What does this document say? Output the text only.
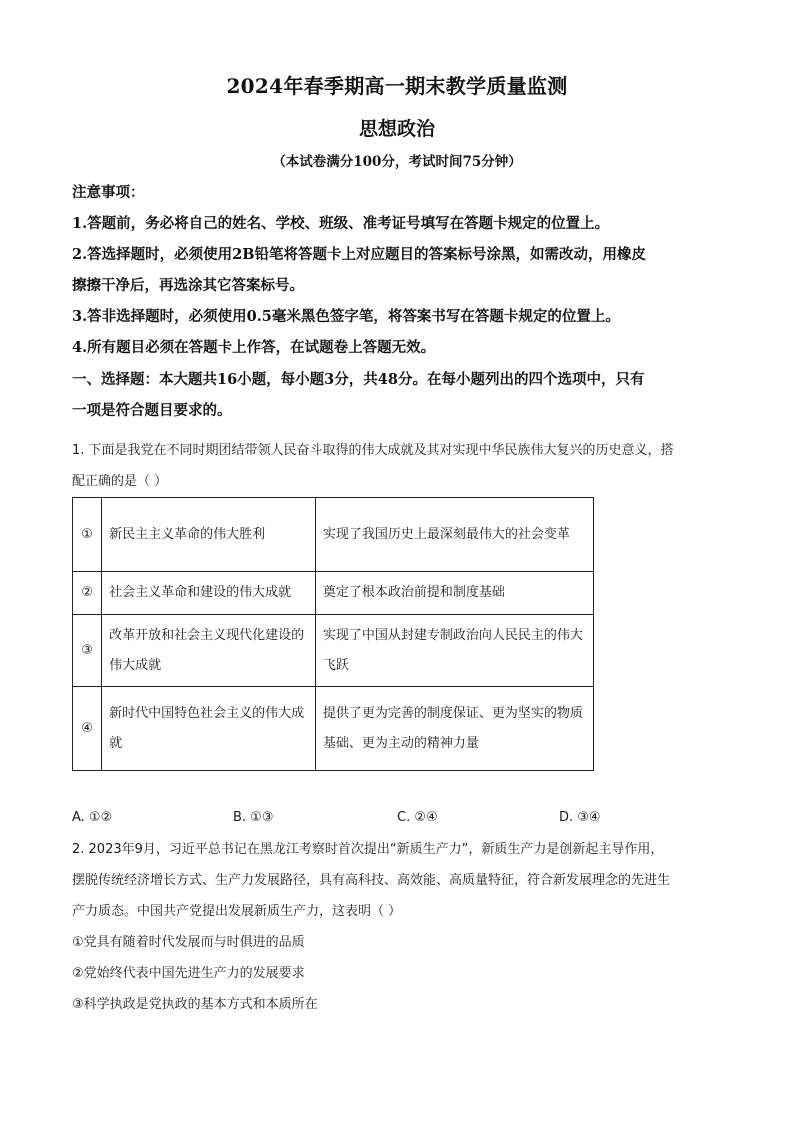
2024年春季期高一期末教学质量监测
思想政治
（本试卷满分100分，考试时间75分钟）
注意事项：
1.答题前，务必将自己的姓名、学校、班级、准考证号填写在答题卡规定的位置上。
2.答选择题时，必须使用2B铅笔将答题卡上对应题目的答案标号涂黑，如需改动，用橡皮
擦擦干净后，再选涂其它答案标号。
3.答非选择题时，必须使用0.5毫米黑色签字笔，将答案书写在答题卡规定的位置上。
4.所有题目必须在答题卡上作答，在试题卷上答题无效。
一、选择题：本大题共16小题，每小题3分，共48分。在每小题列出的四个选项中，只有
一项是符合题目要求的。
1. 下面是我党在不同时期团结带领人民奋斗取得的伟大成就及其对实现中华民族伟大复兴的历史意义，搭
配正确的是（ ）
①	新民主主义革命的伟大胜利	实现了我国历史上最深刻最伟大的社会变革
②	社会主义革命和建设的伟大成就	奠定了根本政治前提和制度基础
③	改革开放和社会主义现代化建设的伟大成就	实现了中国从封建专制政治向人民民主的伟大飞跃
④	新时代中国特色社会主义的伟大成就	提供了更为完善的制度保证、更为坚实的物质基础、更为主动的精神力量
A. ①②	B. ①③	C. ②④	D. ③④
2. 2023年9月，习近平总书记在黑龙江考察时首次提出“新质生产力”，新质生产力是创新起主导作用，
摆脱传统经济增长方式、生产力发展路径，具有高科技、高效能、高质量特征，符合新发展理念的先进生
产力质态。中国共产党提出发展新质生产力，这表明（ ）
①党具有随着时代发展而与时俱进的品质
②党始终代表中国先进生产力的发展要求
③科学执政是党执政的基本方式和本质所在
